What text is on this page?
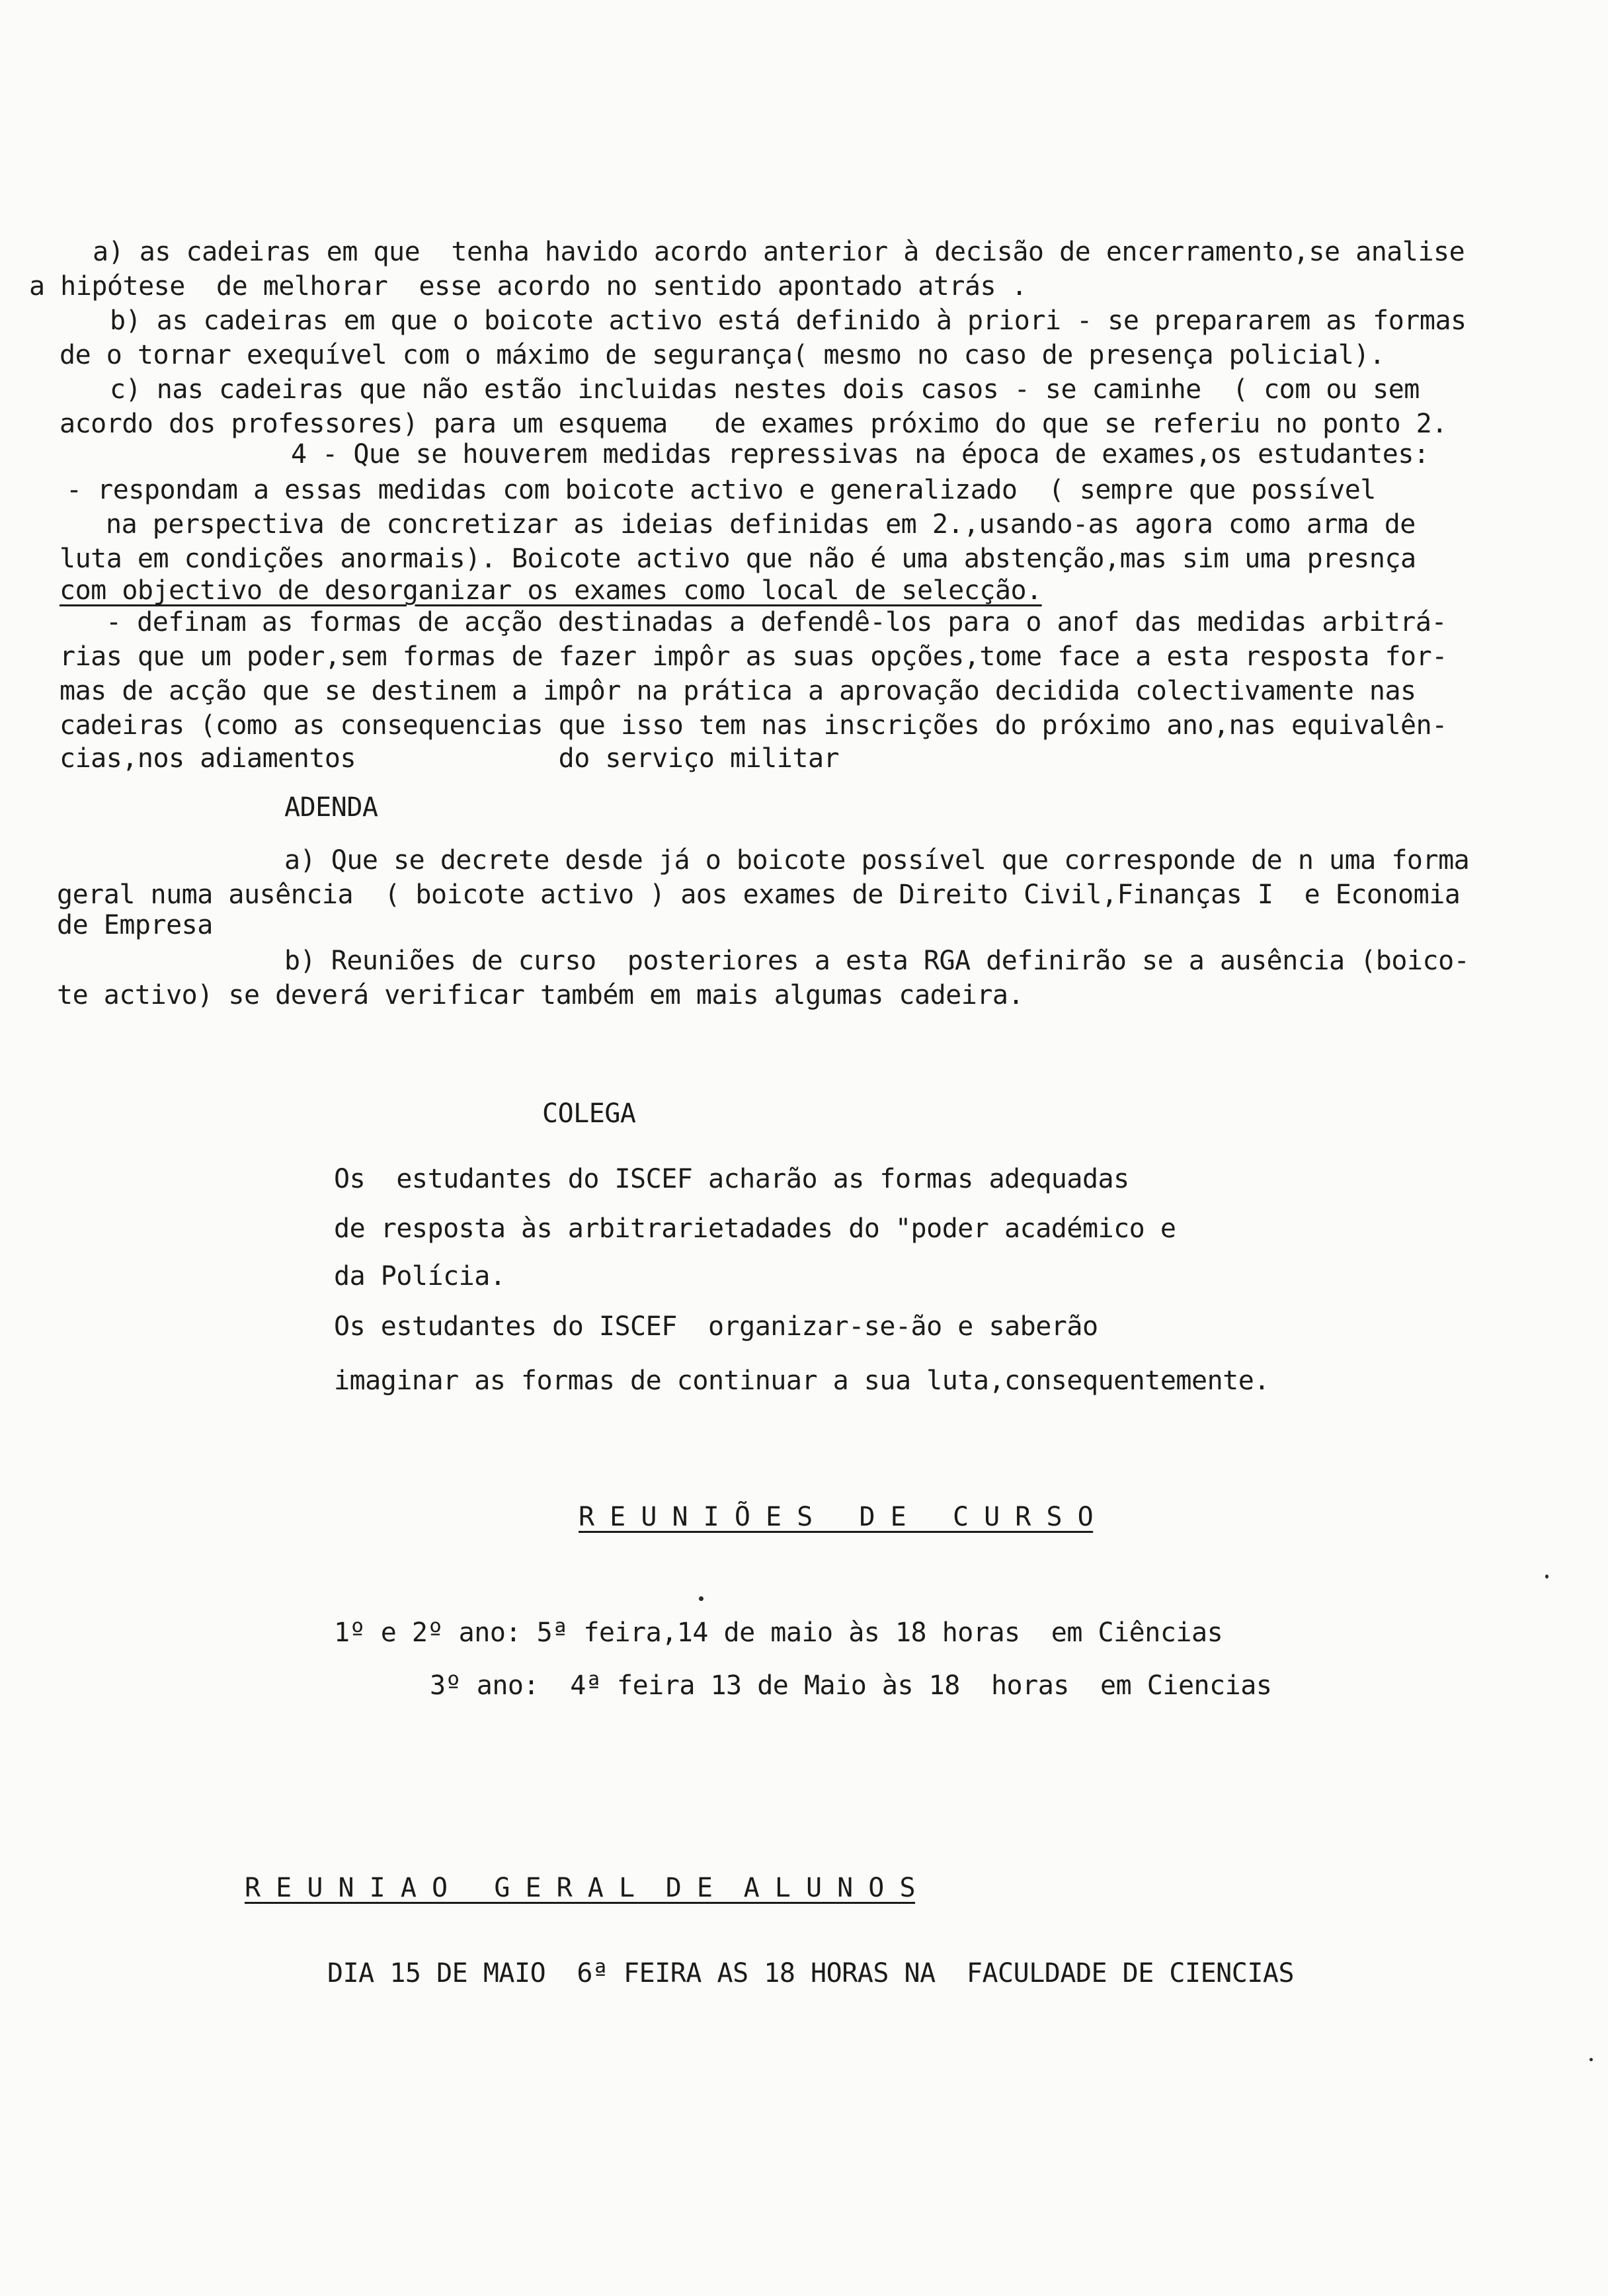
a) as cadeiras em que  tenha havido acordo anterior à decisão de encerramento,se analise
a hipótese  de melhorar  esse acordo no sentido apontado atrás .
b) as cadeiras em que o boicote activo está definido à priori - se prepararem as formas
de o tornar exequível com o máximo de segurança( mesmo no caso de presença policial).
c) nas cadeiras que não estão incluidas nestes dois casos - se caminhe  ( com ou sem
acordo dos professores) para um esquema   de exames próximo do que se referiu no ponto 2.
4 - Que se houverem medidas repressivas na época de exames,os estudantes:
- respondam a essas medidas com boicote activo e generalizado  ( sempre que possível
na perspectiva de concretizar as ideias definidas em 2.,usando-as agora como arma de
luta em condições anormais). Boicote activo que não é uma abstenção,mas sim uma presnça
com objectivo de desorganizar os exames como local de selecção.
- definam as formas de acção destinadas a defendê-los para o anof das medidas arbitrá-
rias que um poder,sem formas de fazer impôr as suas opções,tome face a esta resposta for-
mas de acção que se destinem a impôr na prática a aprovação decidida colectivamente nas
cadeiras (como as consequencias que isso tem nas inscrições do próximo ano,nas equivalên-
cias,nos adiamentos             do serviço militar
ADENDA
a) Que se decrete desde já o boicote possível que corresponde de n uma forma
geral numa ausência  ( boicote activo ) aos exames de Direito Civil,Finanças I  e Economia
de Empresa
b) Reuniões de curso  posteriores a esta RGA definirão se a ausência (boico-
te activo) se deverá verificar também em mais algumas cadeira.
COLEGA
Os  estudantes do ISCEF acharão as formas adequadas
de resposta às arbitrarietadades do "poder académico e
da Polícia.
Os estudantes do ISCEF  organizar-se-ão e saberão
imaginar as formas de continuar a sua luta,consequentemente.
R E U N I Õ E S   D E   C U R S O
1º e 2º ano: 5ª feira,14 de maio às 18 horas  em Ciências
3º ano:  4ª feira 13 de Maio às 18  horas  em Ciencias
R E U N I A O   G E R A L  D E  A L U N O S
DIA 15 DE MAIO  6ª FEIRA AS 18 HORAS NA  FACULDADE DE CIENCIAS
